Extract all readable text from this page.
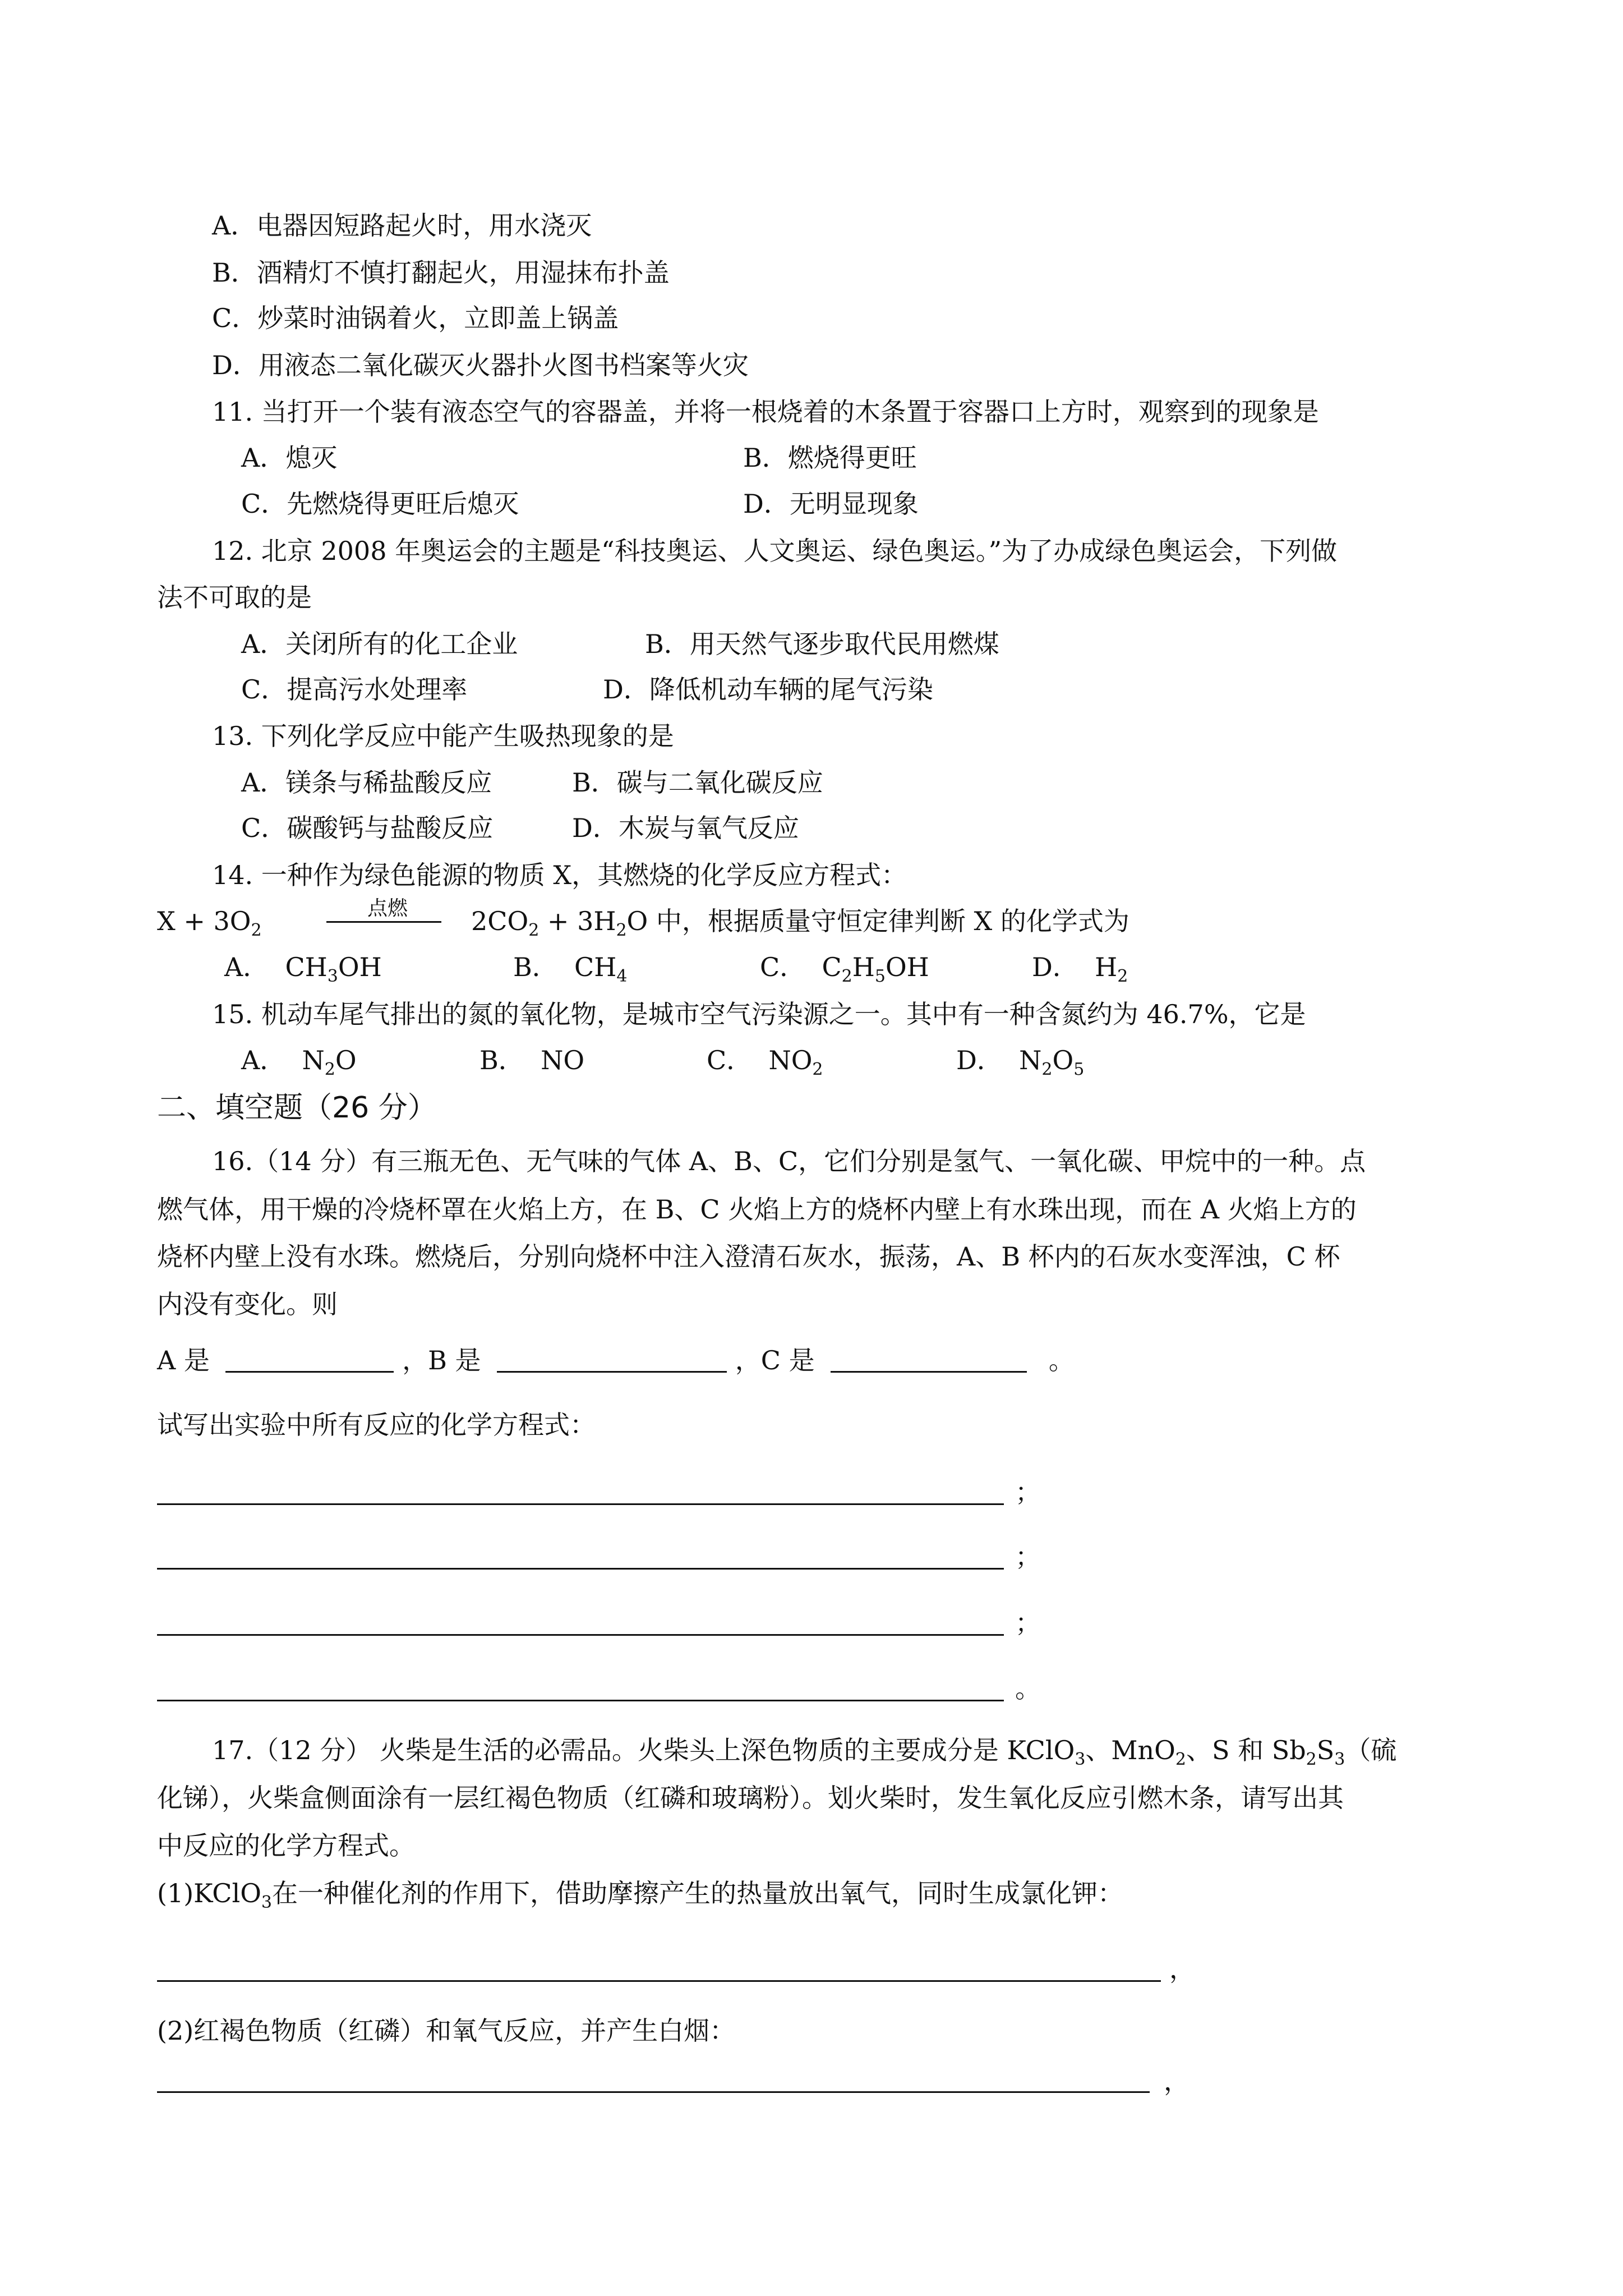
A．电器因短路起火时，用水浇灭
B．酒精灯不慎打翻起火，用湿抹布扑盖
C．炒菜时油锅着火，立即盖上锅盖
D．用液态二氧化碳灭火器扑火图书档案等火灾
11. 当打开一个装有液态空气的容器盖，并将一根烧着的木条置于容器口上方时，观察到的现象是
A．熄灭	B．燃烧得更旺
C．先燃烧得更旺后熄灭	D．无明显现象
12. 北京 2008 年奥运会的主题是“科技奥运、人文奥运、绿色奥运。”为了办成绿色奥运会，下列做
法不可取的是
A．关闭所有的化工企业	B．用天然气逐步取代民用燃煤
C．提高污水处理率	D．降低机动车辆的尾气污染
13. 下列化学反应中能产生吸热现象的是
A．镁条与稀盐酸反应	B．碳与二氧化碳反应
C．碳酸钙与盐酸反应	D．木炭与氧气反应
14. 一种作为绿色能源的物质 X，其燃烧的化学反应方程式：
$X + 3O_2$
点燃 $2CO_2 + 3H_2O$ 中，根据质量守恒定律判断 X 的化学式为
A．  $CH_3OH$	B．  $CH_4$	C．  $C_2H_5OH$	D．  $H_2$
15. 机动车尾气排出的氮的氧化物，是城市空气污染源之一。其中有一种含氮约为 46.7%，它是
A．  $N_2O$	B． NO	C．  $NO_2$	D．  $N_2O_5$
二、填空题（26 分）
16.（14 分）有三瓶无色、无气味的气体 A、B、C，它们分别是氢气、一氧化碳、甲烷中的一种。点
燃气体，用干燥的冷烧杯罩在火焰上方，在 B、C 火焰上方的烧杯内壁上有水珠出现，而在 A 火焰上方的
烧杯内壁上没有水珠。燃烧后，分别向烧杯中注入澄清石灰水，振荡，A、B 杯内的石灰水变浑浊，C 杯
内没有变化。则
A 是	，B 是	，C 是	。
试写出实验中所有反应的化学方程式：
；
；
；
。
17.（12 分） 火柴是生活的必需品。火柴头上深色物质的主要成分是 KClO$_3$、MnO$_2$、S 和 $Sb_2S_3$（硫
化锑），火柴盒侧面涂有一层红褐色物质（红磷和玻璃粉）。划火柴时，发生氧化反应引燃木条，请写出其
中反应的化学方程式。
(1)KClO$_3$在一种催化剂的作用下，借助摩擦产生的热量放出氧气，同时生成氯化钾：
，
(2)红褐色物质（红磷）和氧气反应，并产生白烟：
，
